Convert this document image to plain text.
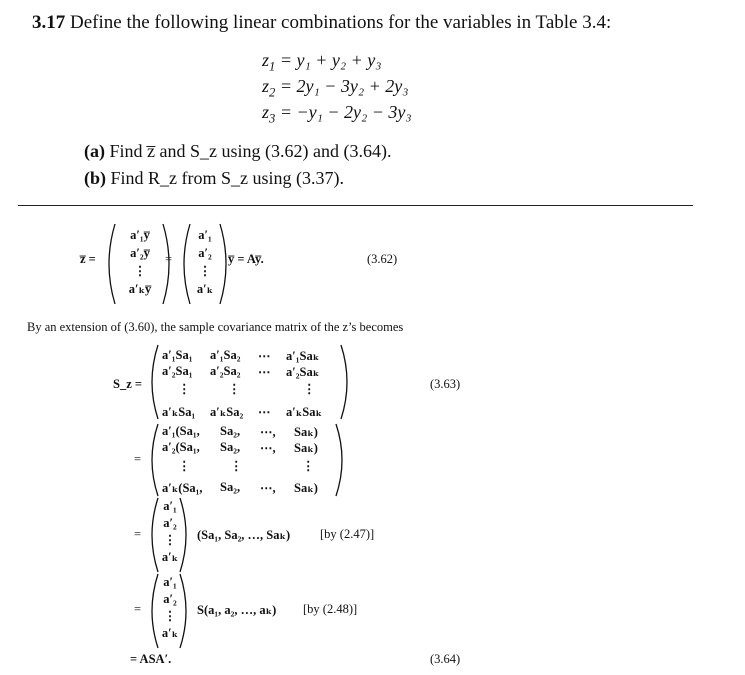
3.17 Define the following linear combinations for the variables in Table 3.4:
$z_1 = y_1 + y_2 + y_3$
$z_2 = 2y_1 - 3y_2 + 2y_3$
$z_3 = -y_1 - 2y_2 - 3y_3$
(a) Find z̅ and S_z using (3.62) and (3.64).
(b) Find R_z from S_z using (3.37).
z̅ =
a′₁y̅
a′₂y̅
⋮
a′ₖy̅
=
a′₁
a′₂
⋮
a′ₖ
y̅ = Ay̅.	(3.62)
By an extension of (3.60), the sample covariance matrix of the z’s becomes
S_z =
a′₁Sa₁ a′₁Sa₂ ⋯ a′₁Saₖ
a′₂Sa₁ a′₂Sa₂ ⋯ a′₂Saₖ
⋮	⋮	⋮
a′ₖSa₁ a′ₖSa₂ ⋯ a′ₖSaₖ
(3.63)
=
a′₁(Sa₁, Sa₂, ⋯, Saₖ)
a′₂(Sa₁, Sa₂, ⋯, Saₖ)
⋮	⋮	⋮
a′ₖ(Sa₁, Sa₂, ⋯, Saₖ)
=
a′₁
a′₂
⋮
a′ₖ
(Sa₁, Sa₂, …, Saₖ) [by (2.47)]
=
a′₁
a′₂
⋮
a′ₖ
S(a₁, a₂, …, aₖ) [by (2.48)]
= ASA′.	(3.64)
